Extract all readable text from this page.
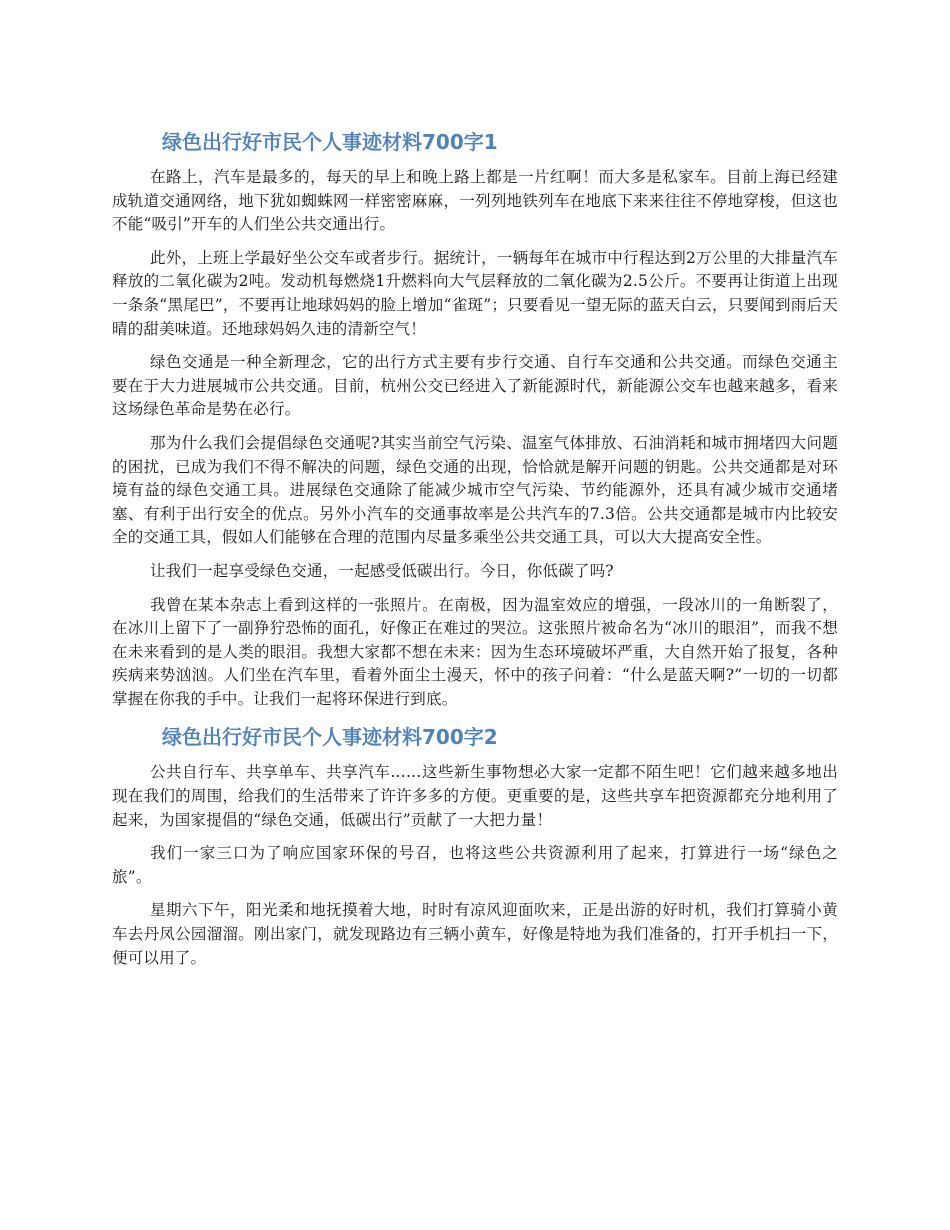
绿色出行好市民个人事迹材料700字1

在路上，汽车是最多的，每天的早上和晚上路上都是一片红啊！而大多是私家车。目前上海已经建成轨道交通网络，地下犹如蜘蛛网一样密密麻麻，一列列地铁列车在地底下来来往往不停地穿梭，但这也不能“吸引”开车的人们坐公共交通出行。

此外，上班上学最好坐公交车或者步行。据统计，一辆每年在城市中行程达到2万公里的大排量汽车释放的二氧化碳为2吨。发动机每燃烧1升燃料向大气层释放的二氧化碳为2.5公斤。不要再让街道上出现一条条“黑尾巴”，不要再让地球妈妈的脸上增加“雀斑”；只要看见一望无际的蓝天白云，只要闻到雨后天晴的甜美味道。还地球妈妈久违的清新空气！

绿色交通是一种全新理念，它的出行方式主要有步行交通、自行车交通和公共交通。而绿色交通主要在于大力进展城市公共交通。目前，杭州公交已经进入了新能源时代，新能源公交车也越来越多，看来这场绿色革命是势在必行。

那为什么我们会提倡绿色交通呢?其实当前空气污染、温室气体排放、石油消耗和城市拥堵四大问题的困扰，已成为我们不得不解决的问题，绿色交通的出现，恰恰就是解开问题的钥匙。公共交通都是对环境有益的绿色交通工具。进展绿色交通除了能减少城市空气污染、节约能源外，还具有减少城市交通堵塞、有利于出行安全的优点。另外小汽车的交通事故率是公共汽车的7.3倍。公共交通都是城市内比较安全的交通工具，假如人们能够在合理的范围内尽量多乘坐公共交通工具，可以大大提高安全性。

让我们一起享受绿色交通，一起感受低碳出行。今日，你低碳了吗?

我曾在某本杂志上看到这样的一张照片。在南极，因为温室效应的增强，一段冰川的一角断裂了，在冰川上留下了一副狰狞恐怖的面孔，好像正在难过的哭泣。这张照片被命名为“冰川的眼泪”，而我不想在未来看到的是人类的眼泪。我想大家都不想在未来：因为生态环境破坏严重，大自然开始了报复，各种疾病来势汹汹。人们坐在汽车里，看着外面尘土漫天，怀中的孩子问着：“什么是蓝天啊?”一切的一切都掌握在你我的手中。让我们一起将环保进行到底。

绿色出行好市民个人事迹材料700字2

公共自行车、共享单车、共享汽车……这些新生事物想必大家一定都不陌生吧！它们越来越多地出现在我们的周围，给我们的生活带来了许许多多的方便。更重要的是，这些共享车把资源都充分地利用了起来，为国家提倡的“绿色交通，低碳出行”贡献了一大把力量！

我们一家三口为了响应国家环保的号召，也将这些公共资源利用了起来，打算进行一场“绿色之旅”。

星期六下午，阳光柔和地抚摸着大地，时时有凉风迎面吹来，正是出游的好时机，我们打算骑小黄车去丹凤公园溜溜。刚出家门，就发现路边有三辆小黄车，好像是特地为我们准备的，打开手机扫一下，便可以用了。
